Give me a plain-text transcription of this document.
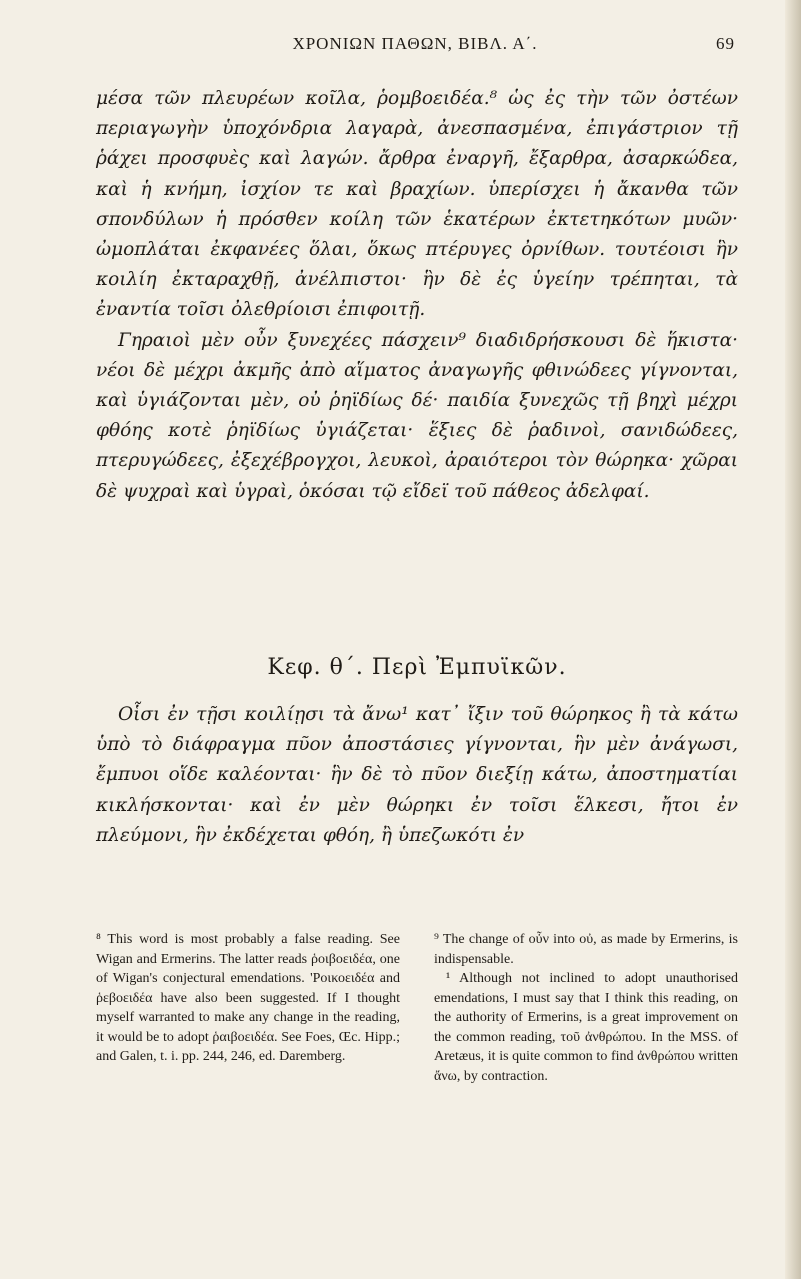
ΧΡΟΝΙΩΝ ΠΑΘΩΝ, ΒΙΒΛ. Α΄.	69

μέσα τῶν πλευρέων κοῖλα, ῥομβοειδέα.⁸ ὡς ἐς τὴν τῶν ὀστέων περιαγωγὴν ὑποχόνδρια λαγαρὰ, ἀνεσπασμένα, ἐπιγάστριον τῇ ῥάχει προσφυὲς καὶ λαγών. ἄρθρα ἐναργῆ, ἔξαρθρα, ἀσαρκώδεα, καὶ ἡ κνήμη, ἰσχίον τε καὶ βραχίων. ὑπερίσχει ἡ ἄκανθα τῶν σπονδύλων ἡ πρόσθεν κοίλη τῶν ἑκατέρων ἐκτετηκότων μυῶν· ὠμοπλάται ἐκφανέες ὅλαι, ὅκως πτέρυγες ὀρνίθων. τουτέοισι ἣν κοιλίη ἐκταραχθῇ, ἀνέλπιστοι· ἣν δὲ ἐς ὑγείην τρέπηται, τὰ ἐναντία τοῖσι ὀλεθρίοισι ἐπιφοιτῇ.

Γηραιοὶ μὲν οὖν ξυνεχέες πάσχειν⁹ διαδιδρήσκουσι δὲ ἥκιστα· νέοι δὲ μέχρι ἀκμῆς ἀπὸ αἵματος ἀναγωγῆς φθινώδεες γίγνονται, καὶ ὑγιάζονται μὲν, οὐ ῥηϊδίως δέ· παιδία ξυνεχῶς τῇ βηχὶ μέχρι φθόης κοτὲ ῥηϊδίως ὑγιάζεται· ἕξιες δὲ ῥαδινοὶ, σανιδώδεες, πτερυγώδεες, ἐξεχέβρογχοι, λευκοὶ, ἀραιότεροι τὸν θώρηκα· χῶραι δὲ ψυχραὶ καὶ ὑγραὶ, ὁκόσαι τῷ εἴδεϊ τοῦ πάθεος ἀδελφαί.

Κεφ. θ΄. Περὶ Ἐμπυϊκῶν.
Οἷσι ἐν τῇσι κοιλίῃσι τὰ ἄνω¹ κατ᾽ ἴξιν τοῦ θώρηκος ἢ τὰ κάτω ὑπὸ τὸ διάφραγμα πῦον ἀποστάσιες γίγνονται, ἣν μὲν ἀνάγωσι, ἔμπυοι οἵδε καλέονται· ἣν δὲ τὸ πῦον διεξίῃ κάτω, ἀποστηματίαι κικλήσκονται· καὶ ἐν μὲν θώρηκι ἐν τοῖσι ἕλκεσι, ἤτοι ἐν πλεύμονι, ἣν ἐκδέχεται φθόη, ἢ ὑπεζωκότι ἐν

⁸ This word is most probably a false reading. See Wigan and Ermerins. The latter reads ῥοιβοειδέα, one of Wigan's conjectural emendations. 'Ροικοειδέα and ῥεβοειδέα have also been suggested. If I thought myself warranted to make any change in the reading, it would be to adopt ῥαιβοειδέα. See Foes, Œc. Hipp.; and Galen, t. i. pp. 244, 246, ed. Daremberg.

⁹ The change of οὖν into οὐ, as made by Ermerins, is indispensable.

¹ Although not inclined to adopt unauthorised emendations, I must say that I think this reading, on the authority of Ermerins, is a great improvement on the common reading, τοῦ ἀνθρώπου. In the MSS. of Aretæus, it is quite common to find ἀνθρώπου written ἄνω, by contraction.
